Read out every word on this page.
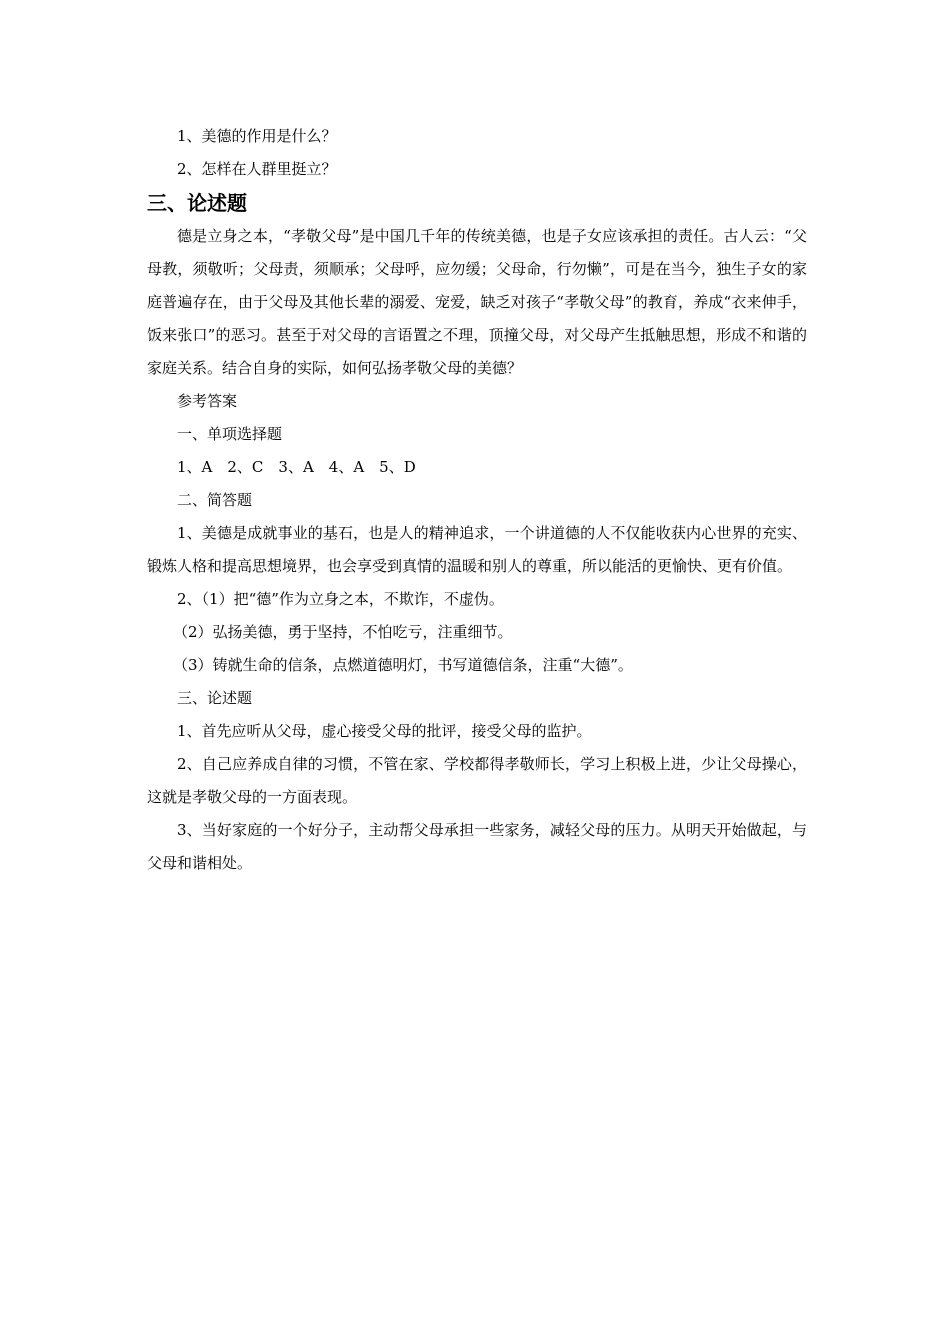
1、美德的作用是什么？

2、怎样在人群里挺立？

三、论述题

德是立身之本，“孝敬父母”是中国几千年的传统美德，也是子女应该承担的责任。古人云：“父母教，须敬听；父母责，须顺承；父母呼，应勿缓；父母命，行勿懒”，可是在当今，独生子女的家庭普遍存在，由于父母及其他长辈的溺爱、宠爱，缺乏对孩子“孝敬父母”的教育，养成“衣来伸手，饭来张口”的恶习。甚至于对父母的言语置之不理，顶撞父母，对父母产生抵触思想，形成不和谐的家庭关系。结合自身的实际，如何弘扬孝敬父母的美德？

参考答案

一、单项选择题

1、A　2、C　3、A　4、A　5、D

二、简答题

1、美德是成就事业的基石，也是人的精神追求，一个讲道德的人不仅能收获内心世界的充实、锻炼人格和提高思想境界，也会享受到真情的温暖和别人的尊重，所以能活的更愉快、更有价值。

2、（1）把“德”作为立身之本，不欺诈，不虚伪。

（2）弘扬美德，勇于坚持，不怕吃亏，注重细节。

（3）铸就生命的信条，点燃道德明灯，书写道德信条，注重“大德”。

三、论述题

1、首先应听从父母，虚心接受父母的批评，接受父母的监护。

2、自己应养成自律的习惯，不管在家、学校都得孝敬师长，学习上积极上进，少让父母操心，这就是孝敬父母的一方面表现。

3、当好家庭的一个好分子，主动帮父母承担一些家务，减轻父母的压力。从明天开始做起，与父母和谐相处。
